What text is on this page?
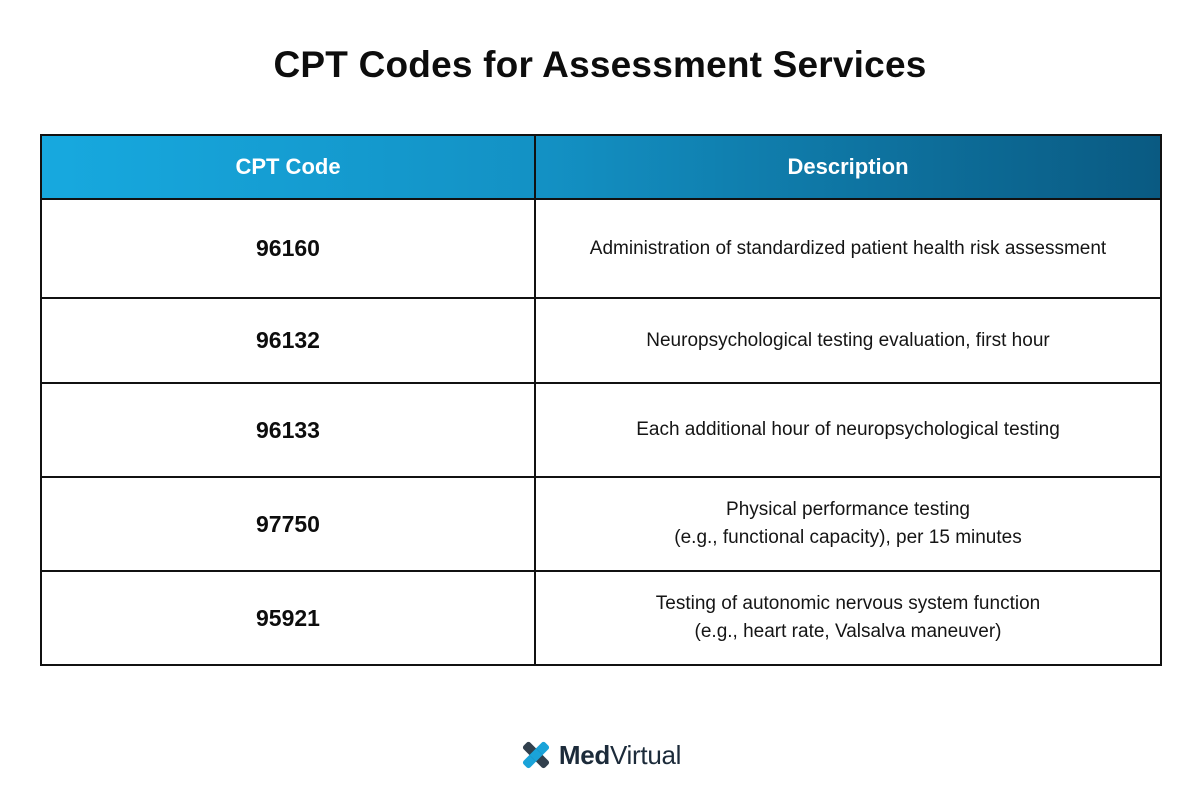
CPT Codes for Assessment Services
CPT Code	Description
96160	Administration of standardized patient health risk assessment

96132	Neuropsychological testing evaluation, first hour

96133	Each additional hour of neuropsychological testing

97750	Physical performance testing
(e.g., functional capacity), per 15 minutes

95921	Testing of autonomic nervous system function
(e.g., heart rate, Valsalva maneuver)
MedVirtual
